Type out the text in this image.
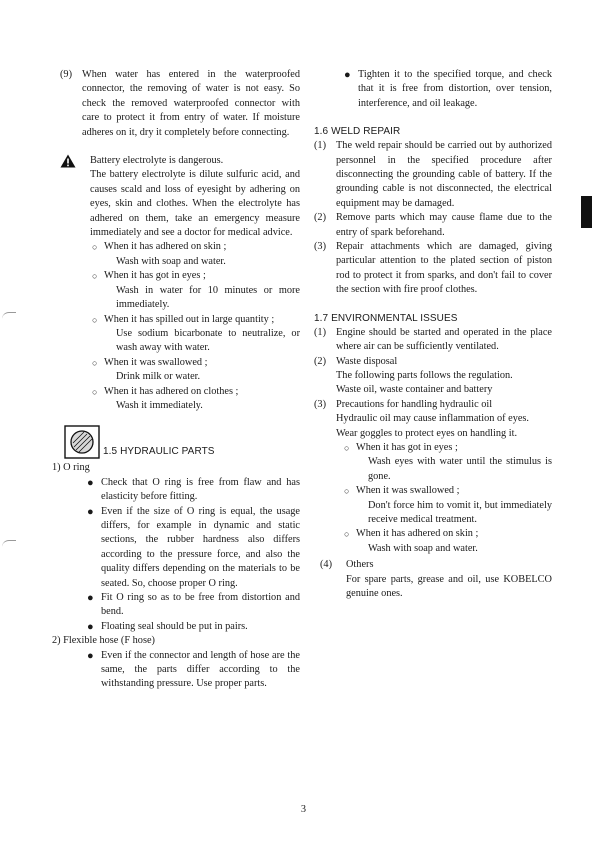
(9) When water has entered in the waterproofed connector, the removing of water is not easy. So check the removed waterproofed connector with care to protect it from entry of water. If moisture adheres on it, dry it completely before connecting.

Battery electrolyte is dangerous.

The battery electrolyte is dilute sulfuric acid, and causes scald and loss of eyesight by adhering on eyes, skin and clothes. When the electrolyte has adhered on them, take an emergency measure immediately and see a doctor for medical advice.

○ When it has adhered on skin ;

Wash with soap and water.

○ When it has got in eyes ;

Wash in water for 10 minutes or more immediately.

○ When it has spilled out in large quantity ;

Use sodium bicarbonate to neutralize, or wash away with water.

○ When it was swallowed ;

Drink milk or water.

○ When it has adhered on clothes ;

Wash it immediately.

1.5 HYDRAULIC PARTS

1) O ring

● Check that O ring is free from flaw and has elasticity before fitting.

● Even if the size of O ring is equal, the usage differs, for example in dynamic and static sections, the rubber hardness also differs according to the pressure force, and also the quality differs depending on the materials to be seated. So, choose proper O ring.

● Fit O ring so as to be free from distortion and bend.

● Floating seal should be put in pairs.

2) Flexible hose (F hose)

● Even if the connector and length of hose are the same, the parts differ according to the withstanding pressure. Use proper parts.

● Tighten it to the specified torque, and check that it is free from distortion, over tension, interference, and oil leakage.

1.6 WELD REPAIR

(1) The weld repair should be carried out by authorized personnel in the specified procedure after disconnecting the grounding cable of battery. If the grounding cable is not disconnected, the electrical equipment may be damaged.

(2) Remove parts which may cause flame due to the entry of spark beforehand.

(3) Repair attachments which are damaged, giving particular attention to the plated section of piston rod to protect it from sparks, and don't fail to cover the section with fire proof clothes.

1.7 ENVIRONMENTAL ISSUES

(1) Engine should be started and operated in the place where air can be sufficiently ventilated.

(2) Waste disposal

The following parts follows the regulation.

Waste oil, waste container and battery

(3) Precautions for handling hydraulic oil

Hydraulic oil may cause inflammation of eyes.

Wear goggles to protect eyes on handling it.

○ When it has got in eyes ;

Wash eyes with water until the stimulus is gone.

○ When it was swallowed ;

Don't force him to vomit it, but immediately receive medical treatment.

○ When it has adhered on skin ;

Wash with soap and water.

(4)	Others

For spare parts, grease and oil, use KOBELCO genuine ones.

3
